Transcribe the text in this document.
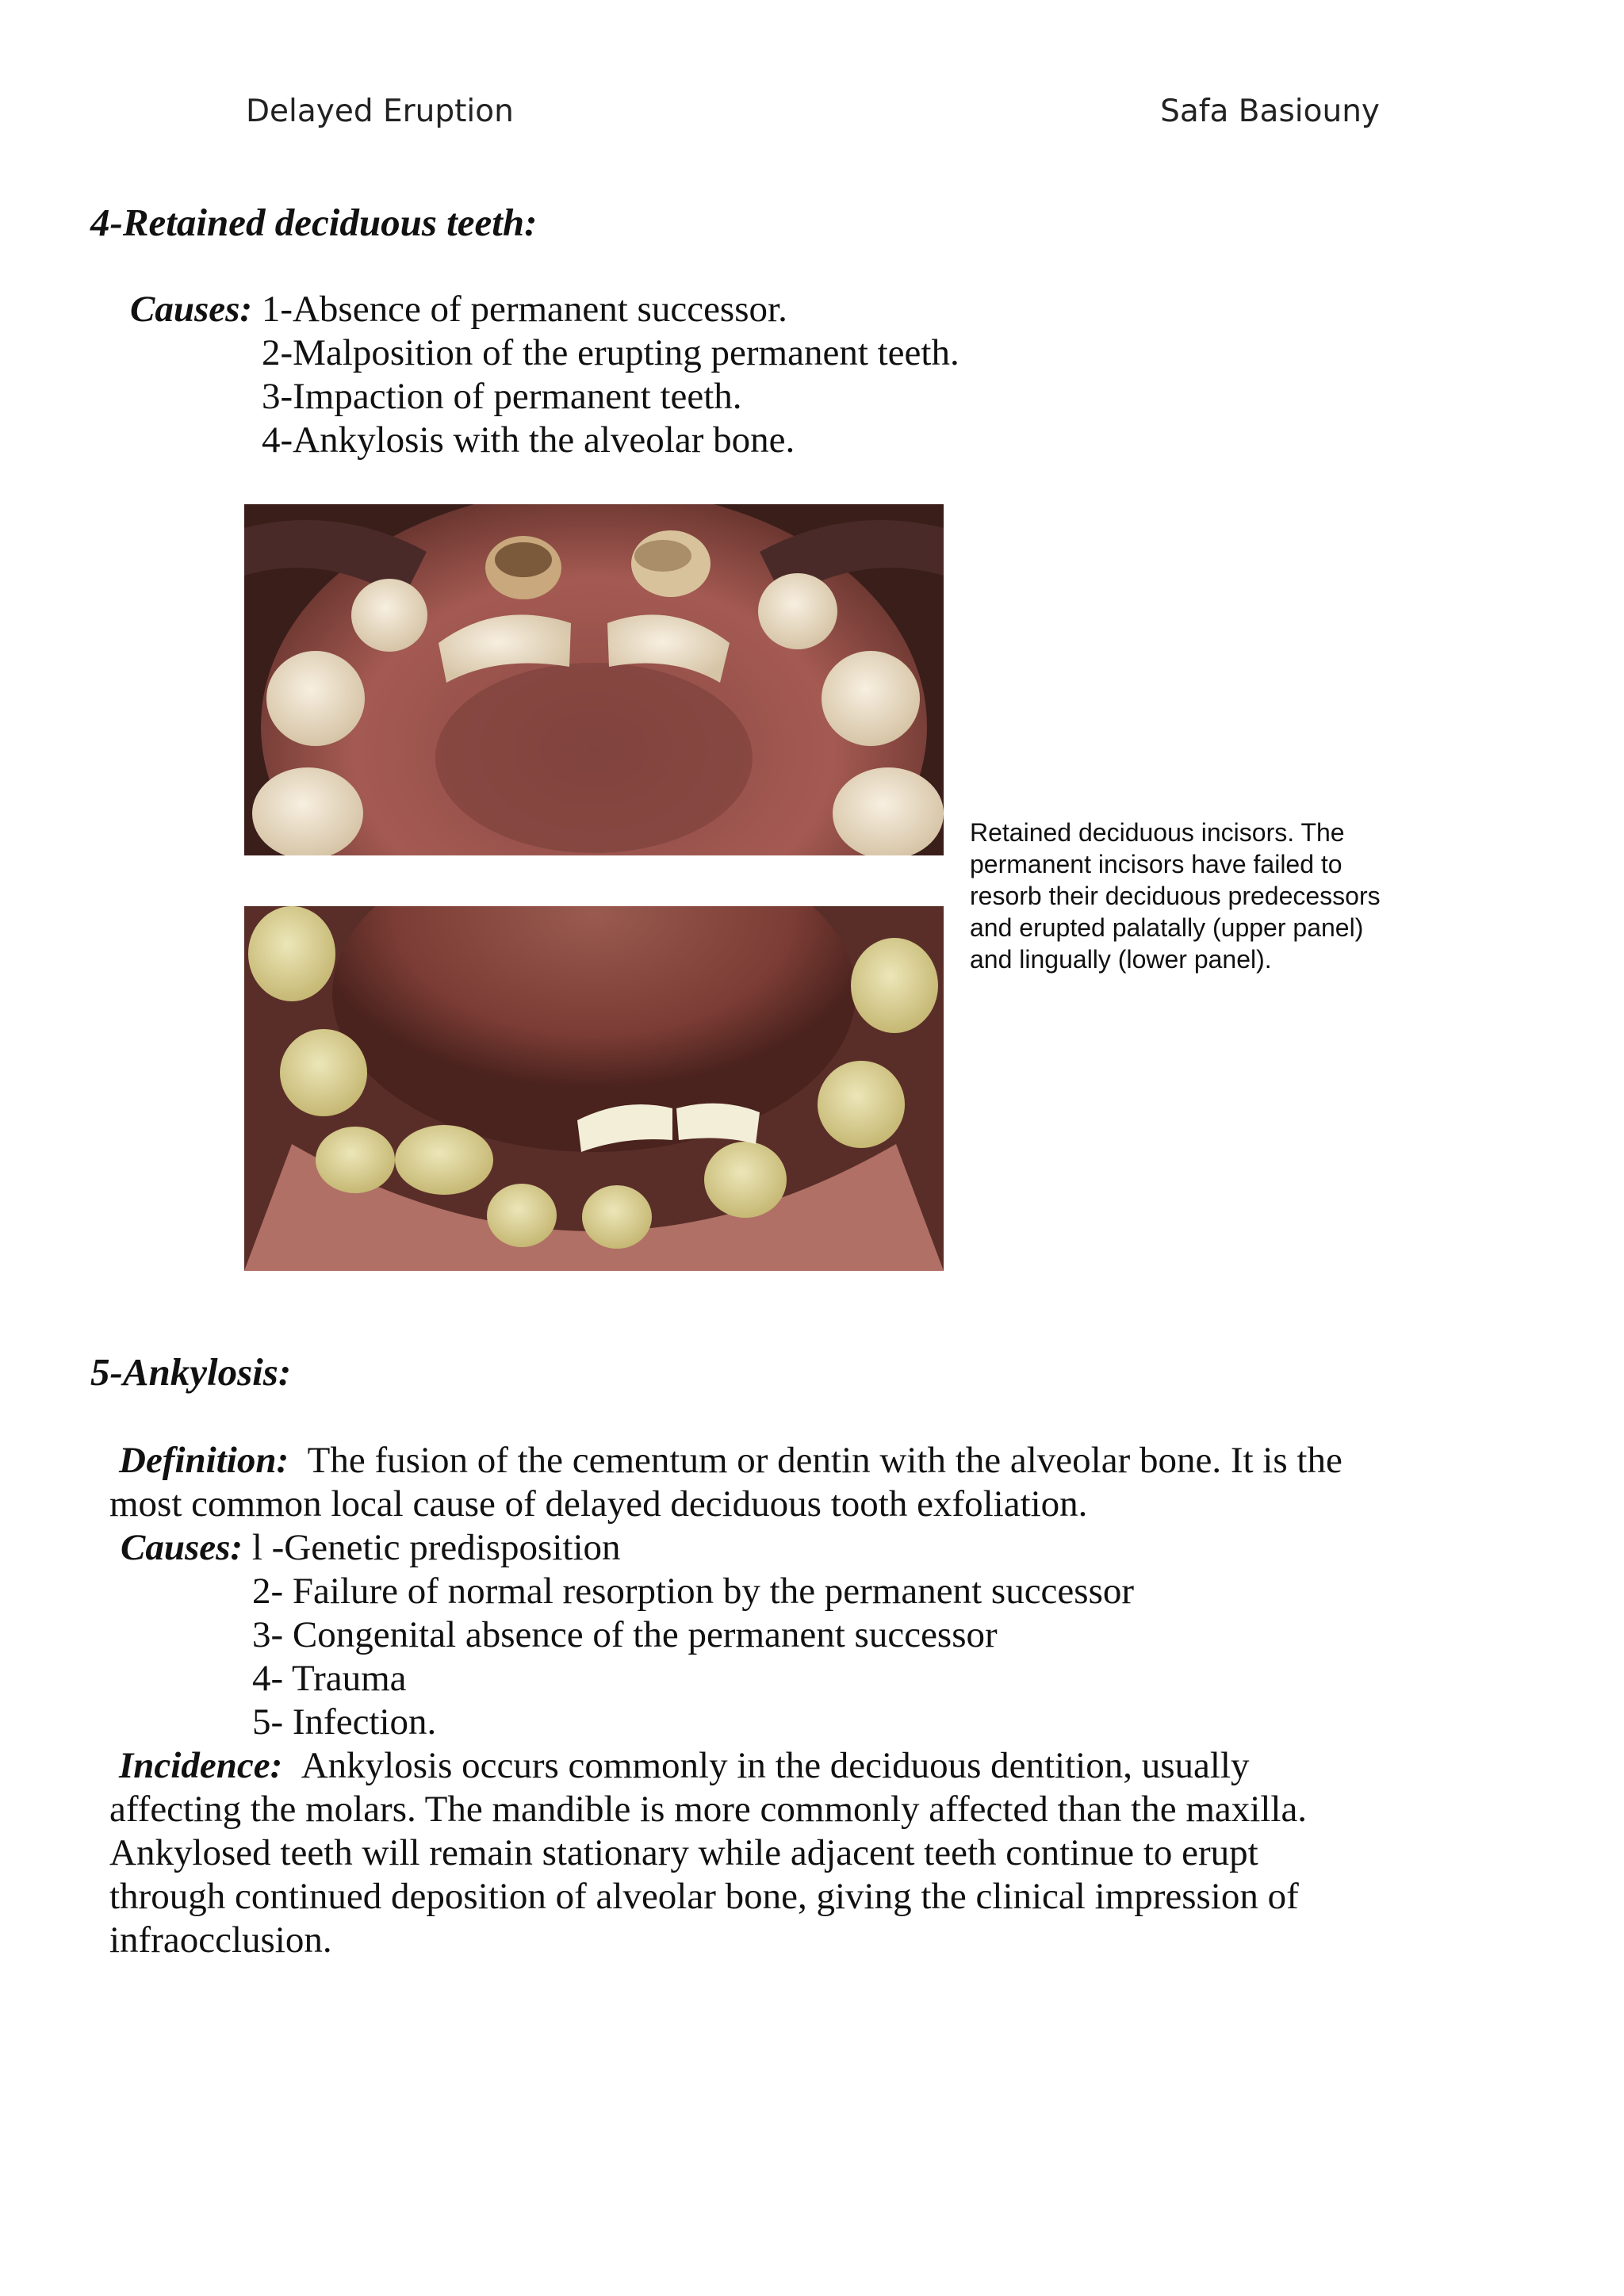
Delayed Eruption	Safa Basiouny
4-Retained deciduous teeth:
Causes: 1-Absence of permanent successor.
2-Malposition of the erupting permanent teeth.
3-Impaction of permanent teeth.
4-Ankylosis with the alveolar bone.
Retained deciduous incisors. The permanent incisors have failed to resorb their deciduous predecessors and erupted palatally (upper panel) and lingually (lower panel).
5-Ankylosis:
Definition: The fusion of the cementum or dentin with the alveolar bone. It is the
most common local cause of delayed deciduous tooth exfoliation.
Causes: l -Genetic predisposition
2- Failure of normal resorption by the permanent successor
3- Congenital absence of the permanent successor
4- Trauma
5- Infection.
Incidence: Ankylosis occurs commonly in the deciduous dentition, usually
affecting the molars. The mandible is more commonly affected than the maxilla.
Ankylosed teeth will remain stationary while adjacent teeth continue to erupt
through continued deposition of alveolar bone, giving the clinical impression of
infraocclusion.
